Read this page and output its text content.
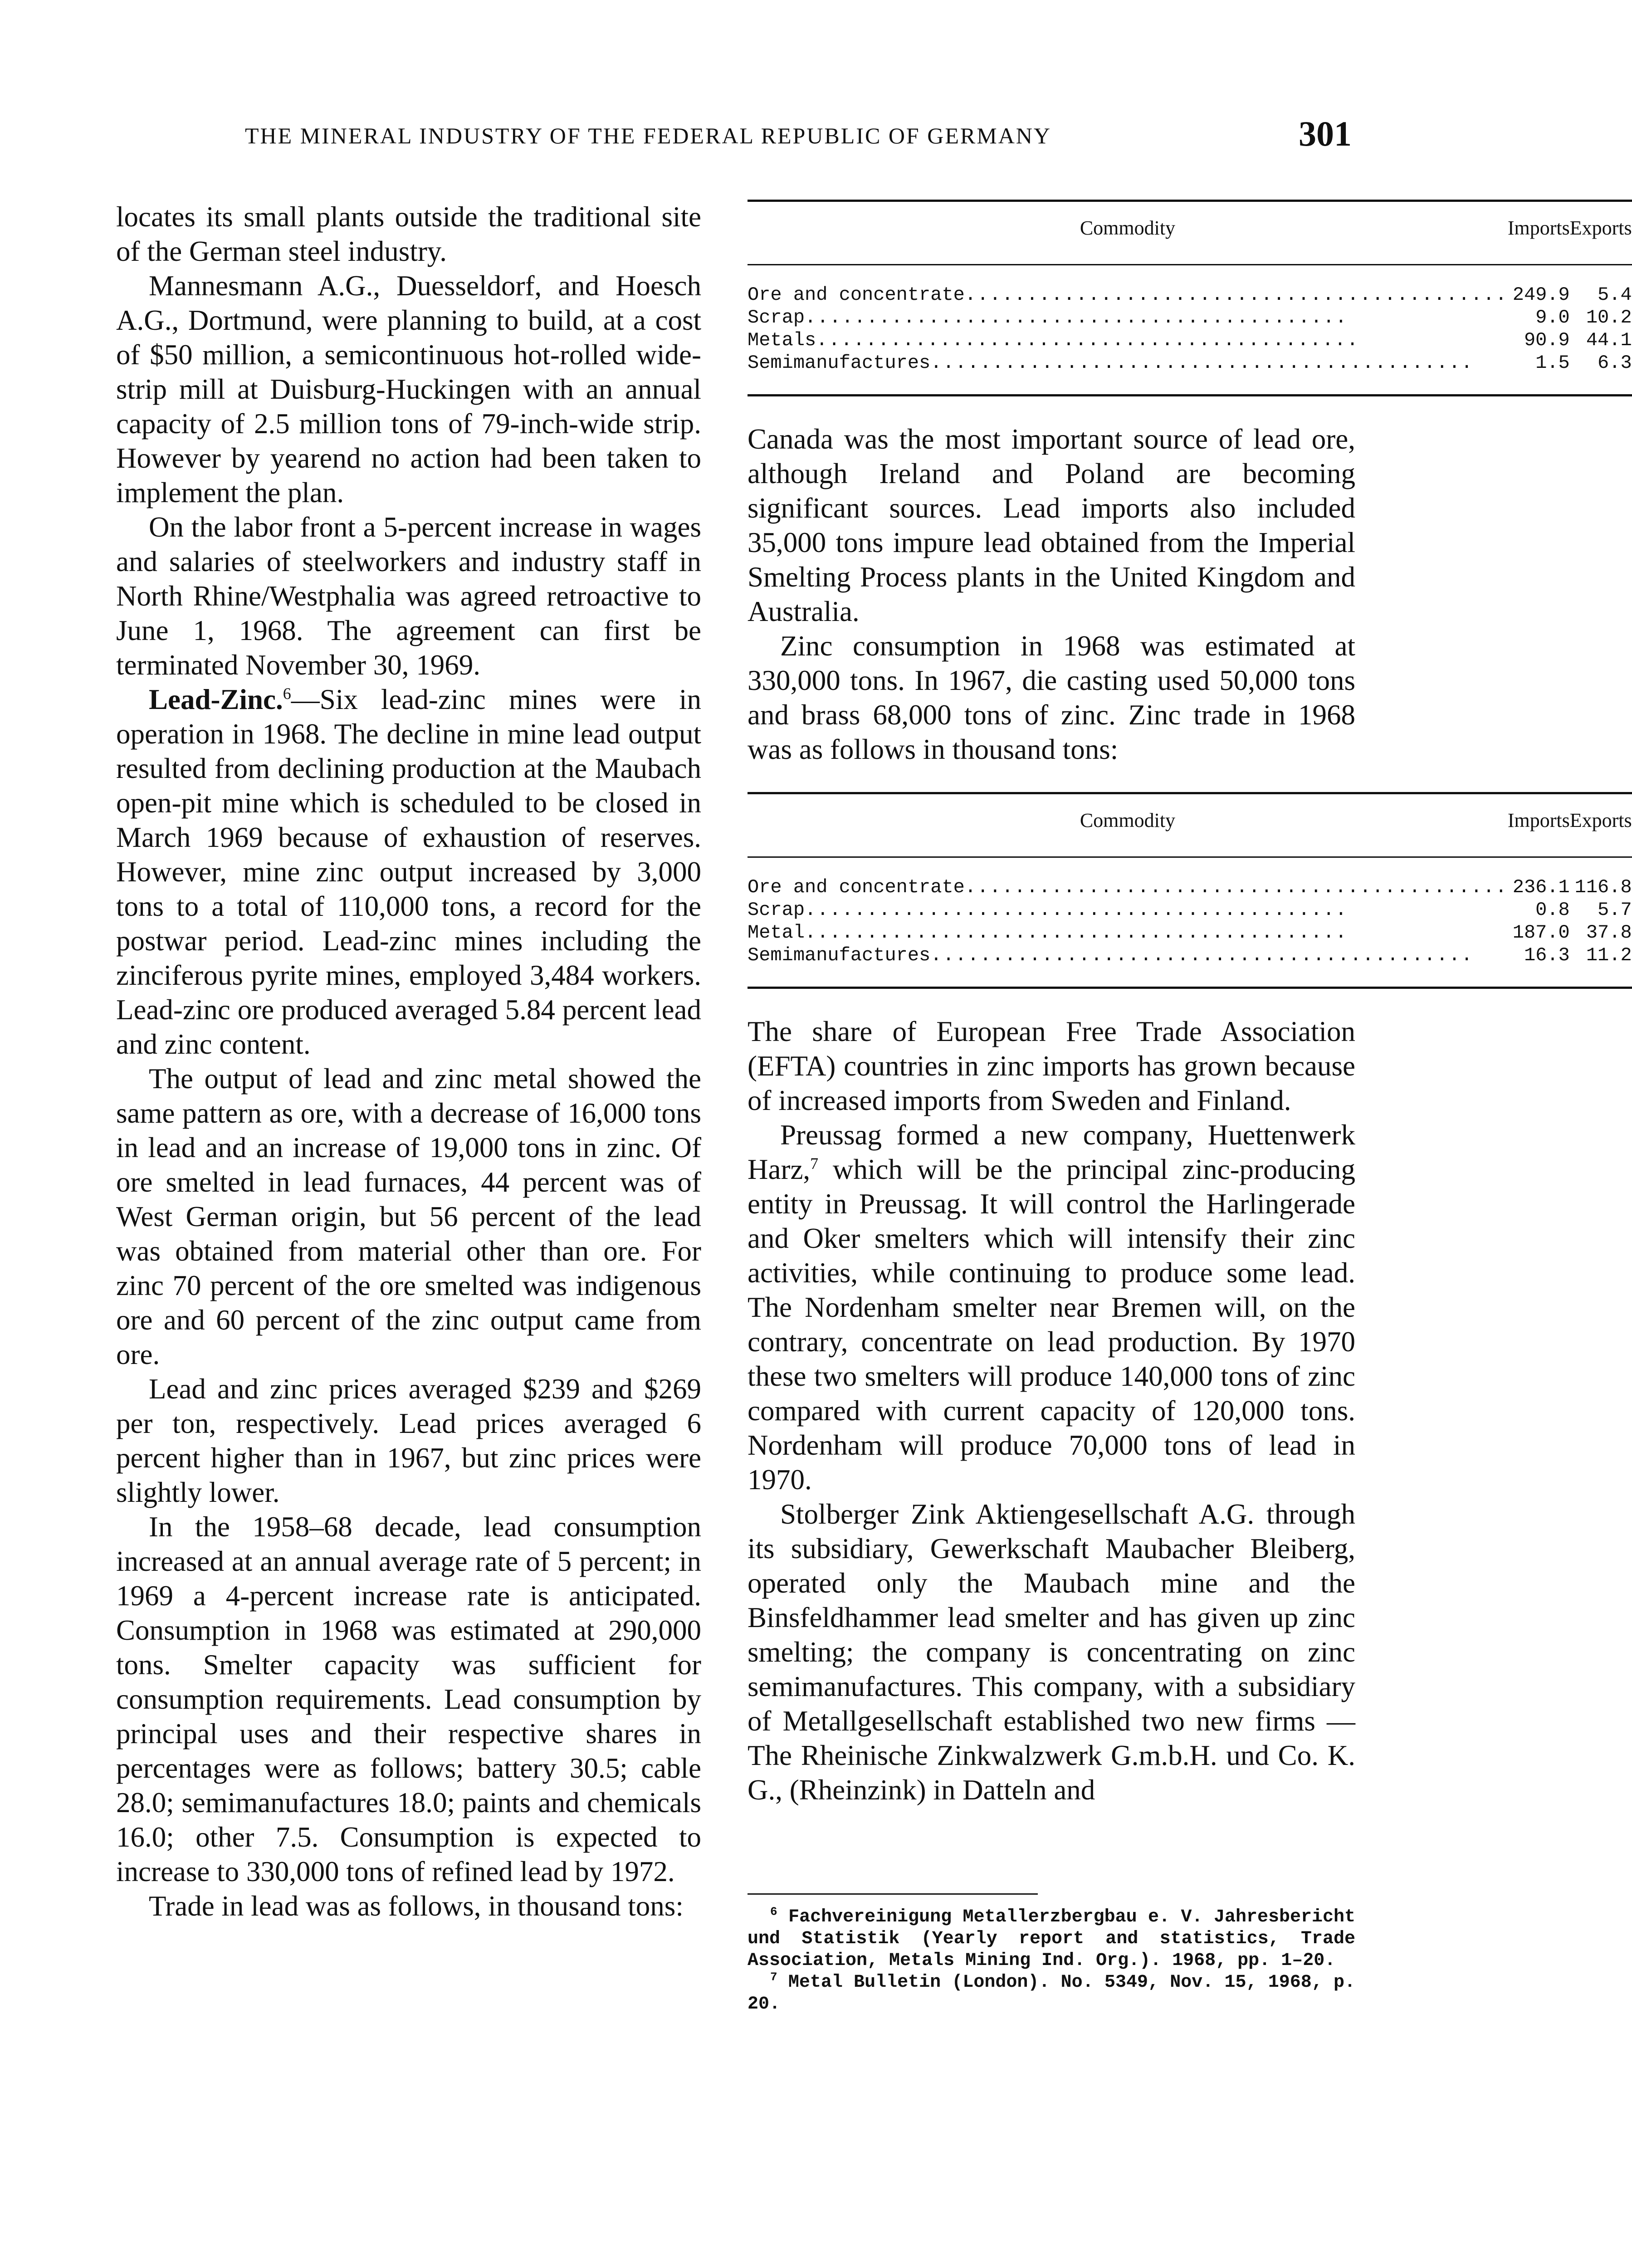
THE MINERAL INDUSTRY OF THE FEDERAL REPUBLIC OF GERMANY	301

locates its small plants outside the traditional site of the German steel industry.

Mannesmann A.G., Duesseldorf, and Hoesch A.G., Dortmund, were planning to build, at a cost of $50 million, a semicontinuous hot-rolled wide-strip mill at Duisburg-Huckingen with an annual capacity of 2.5 million tons of 79-inch-wide strip. However by yearend no action had been taken to implement the plan.

On the labor front a 5-percent increase in wages and salaries of steelworkers and industry staff in North Rhine/Westphalia was agreed retroactive to June 1, 1968. The agreement can first be terminated November 30, 1969.

Lead-Zinc.$^6$—Six lead-zinc mines were in operation in 1968. The decline in mine lead output resulted from declining production at the Maubach open-pit mine which is scheduled to be closed in March 1969 because of exhaustion of reserves. However, mine zinc output increased by 3,000 tons to a total of 110,000 tons, a record for the postwar period. Lead-zinc mines including the zinciferous pyrite mines, employed 3,484 workers. Lead-zinc ore produced averaged 5.84 percent lead and zinc content.

The output of lead and zinc metal showed the same pattern as ore, with a decrease of 16,000 tons in lead and an increase of 19,000 tons in zinc. Of ore smelted in lead furnaces, 44 percent was of West German origin, but 56 percent of the lead was obtained from material other than ore. For zinc 70 percent of the ore smelted was indigenous ore and 60 percent of the zinc output came from ore.

Lead and zinc prices averaged $239 and $269 per ton, respectively. Lead prices averaged 6 percent higher than in 1967, but zinc prices were slightly lower.

In the 1958–68 decade, lead consumption increased at an annual average rate of 5 percent; in 1969 a 4-percent increase rate is anticipated. Consumption in 1968 was estimated at 290,000 tons. Smelter capacity was sufficient for consumption requirements. Lead consumption by principal uses and their respective shares in percentages were as follows; battery 30.5; cable 28.0; semimanufactures 18.0; paints and chemicals 16.0; other 7.5. Consumption is expected to increase to 330,000 tons of refined lead by 1972.

Trade in lead was as follows, in thousand tons:

Commodity	Imports	Exports
Ore and concentrate............................................	249.9	5.4
Scrap............................................	9.0	10.2
Metals............................................	90.9	44.1
Semimanufactures............................................	1.5	6.3

Canada was the most important source of lead ore, although Ireland and Poland are becoming significant sources. Lead imports also included 35,000 tons impure lead obtained from the Imperial Smelting Process plants in the United Kingdom and Australia.

Zinc consumption in 1968 was estimated at 330,000 tons. In 1967, die casting used 50,000 tons and brass 68,000 tons of zinc. Zinc trade in 1968 was as follows in thousand tons:

Commodity	Imports	Exports
Ore and concentrate............................................	236.1	116.8
Scrap............................................	0.8	5.7
Metal............................................	187.0	37.8
Semimanufactures............................................	16.3	11.2

The share of European Free Trade Association (EFTA) countries in zinc imports has grown because of increased imports from Sweden and Finland.

Preussag formed a new company, Huettenwerk Harz,$^7$ which will be the principal zinc-producing entity in Preussag. It will control the Harlingerade and Oker smelters which will intensify their zinc activities, while continuing to produce some lead. The Nordenham smelter near Bremen will, on the contrary, concentrate on lead production. By 1970 these two smelters will produce 140,000 tons of zinc compared with current capacity of 120,000 tons. Nordenham will produce 70,000 tons of lead in 1970.

Stolberger Zink Aktiengesellschaft A.G. through its subsidiary, Gewerkschaft Maubacher Bleiberg, operated only the Maubach mine and the Binsfeldhammer lead smelter and has given up zinc smelting; the company is concentrating on zinc semimanufactures. This company, with a subsidiary of Metallgesellschaft established two new firms —The Rheinische Zinkwalzwerk G.m.b.H. und Co. K. G., (Rheinzink) in Datteln and

$^6$ Fachvereinigung Metallerzbergbau e. V. Jahresbericht und Statistik (Yearly report and statistics, Trade Association, Metals Mining Ind. Org.). 1968, pp. 1–20.

$^7$ Metal Bulletin (London). No. 5349, Nov. 15, 1968, p. 20.
